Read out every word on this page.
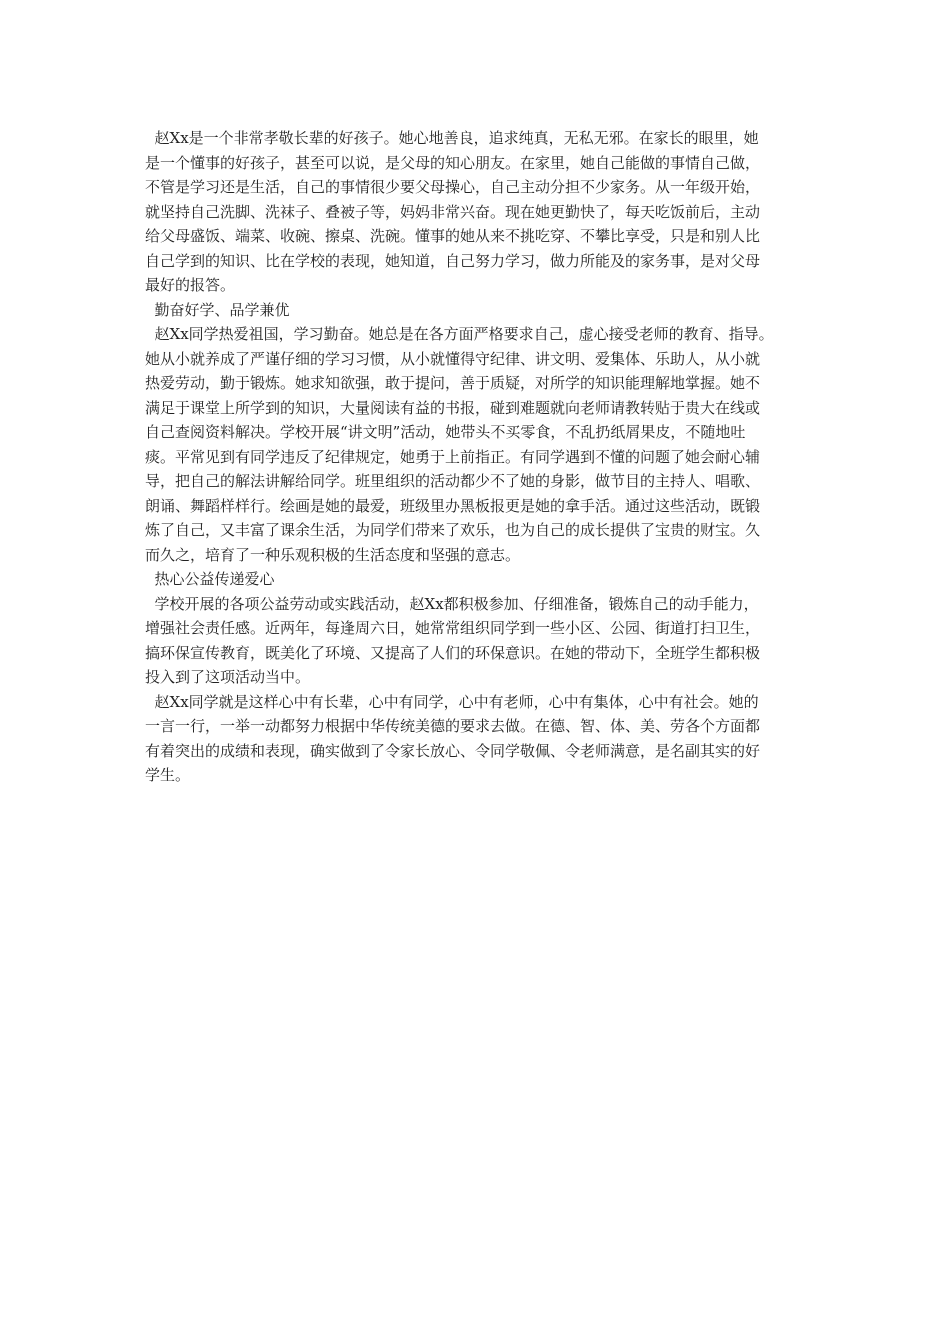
赵Xx是一个非常孝敬长辈的好孩子。她心地善良，追求纯真，无私无邪。在家长的眼里，她
是一个懂事的好孩子，甚至可以说，是父母的知心朋友。在家里，她自己能做的事情自己做，
不管是学习还是生活，自己的事情很少要父母操心，自己主动分担不少家务。从一年级开始，
就坚持自己洗脚、洗袜子、叠被子等，妈妈非常兴奋。现在她更勤快了，每天吃饭前后，主动
给父母盛饭、端菜、收碗、擦桌、洗碗。懂事的她从来不挑吃穿、不攀比享受，只是和别人比
自己学到的知识、比在学校的表现，她知道，自己努力学习，做力所能及的家务事，是对父母
最好的报答。
勤奋好学、品学兼优
赵Xx同学热爱祖国，学习勤奋。她总是在各方面严格要求自己，虚心接受老师的教育、指导。
她从小就养成了严谨仔细的学习习惯，从小就懂得守纪律、讲文明、爱集体、乐助人，从小就
热爱劳动，勤于锻炼。她求知欲强，敢于提问，善于质疑，对所学的知识能理解地掌握。她不
满足于课堂上所学到的知识，大量阅读有益的书报，碰到难题就向老师请教转贴于贵大在线或
自己查阅资料解决。学校开展“讲文明”活动，她带头不买零食，不乱扔纸屑果皮，不随地吐
痰。平常见到有同学违反了纪律规定，她勇于上前指正。有同学遇到不懂的问题了她会耐心辅
导，把自己的解法讲解给同学。班里组织的活动都少不了她的身影，做节目的主持人、唱歌、
朗诵、舞蹈样样行。绘画是她的最爱，班级里办黑板报更是她的拿手活。通过这些活动，既锻
炼了自己，又丰富了课余生活，为同学们带来了欢乐，也为自己的成长提供了宝贵的财宝。久
而久之，培育了一种乐观积极的生活态度和坚强的意志。
热心公益传递爱心
学校开展的各项公益劳动或实践活动，赵Xx都积极参加、仔细准备，锻炼自己的动手能力，
增强社会责任感。近两年，每逢周六日，她常常组织同学到一些小区、公园、街道打扫卫生，
搞环保宣传教育，既美化了环境、又提高了人们的环保意识。在她的带动下，全班学生都积极
投入到了这项活动当中。
赵Xx同学就是这样心中有长辈，心中有同学，心中有老师，心中有集体，心中有社会。她的
一言一行，一举一动都努力根据中华传统美德的要求去做。在德、智、体、美、劳各个方面都
有着突出的成绩和表现，确实做到了令家长放心、令同学敬佩、令老师满意，是名副其实的好
学生。
